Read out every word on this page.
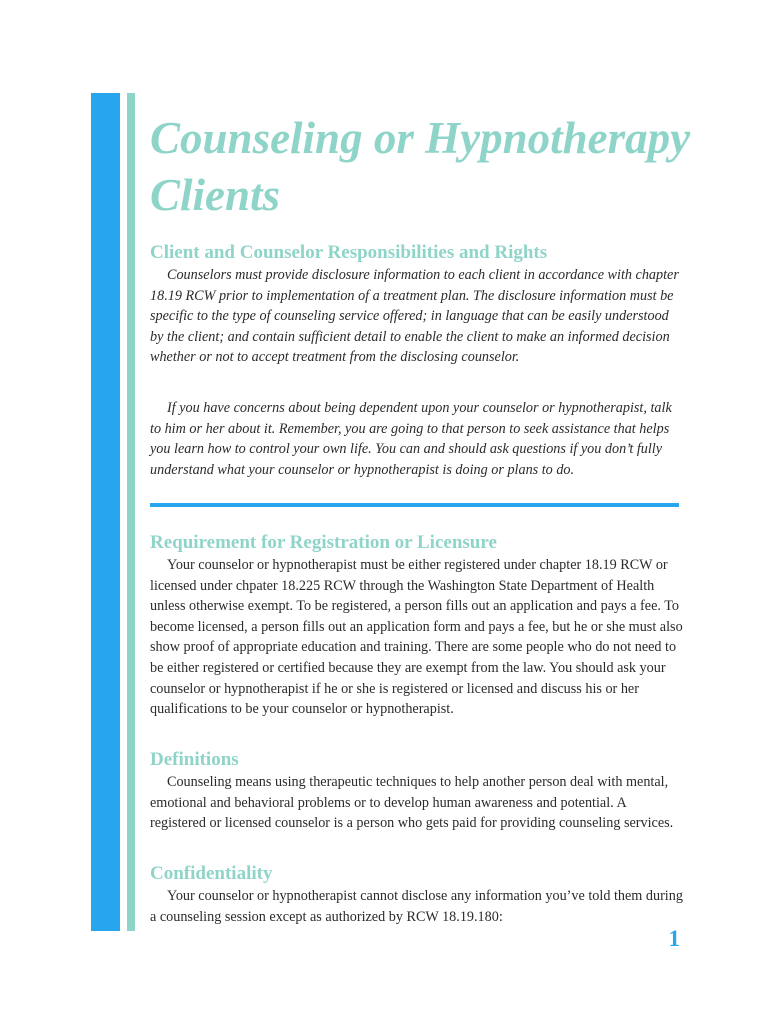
Counseling or Hypnotherapy Clients
Client and Counselor Responsibilities and Rights

Counselors must provide disclosure information to each client in accordance with chapter 18.19 RCW prior to implementation of a treatment plan. The disclosure information must be specific to the type of counseling service offered; in language that can be easily understood by the client; and contain sufficient detail to enable the client to make an informed decision whether or not to accept treatment from the disclosing counselor.

If you have concerns about being dependent upon your counselor or hypnotherapist, talk to him or her about it. Remember, you are going to that person to seek assistance that helps you learn how to control your own life. You can and should ask questions if you don’t fully understand what your counselor or hypnotherapist is doing or plans to do.

Requirement for Registration or Licensure

Your counselor or hypnotherapist must be either registered under chapter 18.19 RCW or licensed under chpater 18.225 RCW through the Washington State Department of Health unless otherwise exempt. To be registered, a person fills out an application and pays a fee. To become licensed, a person fills out an application form and pays a fee, but he or she must also show proof of appropriate education and training. There are some people who do not need to be either registered or certified because they are exempt from the law. You should ask your counselor or hypnotherapist if he or she is registered or licensed and discuss his or her qualifications to be your counselor or hypnotherapist.

Definitions

Counseling means using therapeutic techniques to help another person deal with mental, emotional and behavioral problems or to develop human awareness and potential. A registered or licensed counselor is a person who gets paid for providing counseling services.

Confidentiality

Your counselor or hypnotherapist cannot disclose any information you’ve told them during a counseling session except as authorized by RCW 18.19.180:

1
